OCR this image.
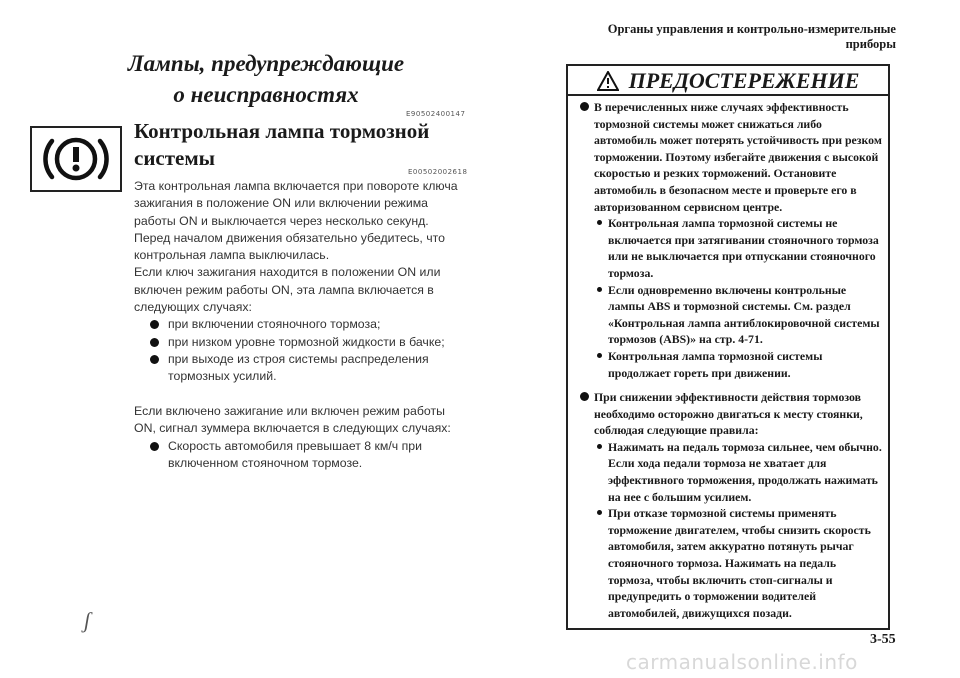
Лампы, предупреждающие
о неисправностях
E90502400147
Контрольная лампа тормозной
системы
E00502002618

Эта контрольная лампа включается при повороте ключа зажигания в положение ON или включении режима работы ON и выключается через несколько секунд.

Перед началом движения обязательно убедитесь, что контрольная лампа выключилась.

Если ключ зажигания находится в положении ON или включен режим работы ON, эта лампа включается в следующих случаях:

при включении стояночного тормоза;
при низком уровне тормозной жидкости в бачке;
при выходе из строя системы распределения тормозных усилий.

Если включено зажигание или включен режим работы ON, сигнал зуммера включается в следующих случаях:

Скорость автомобиля превышает 8 км/ч при включенном стояночном тормозе.
ʃ
Органы управления и контрольно-измерительные приборы
ПРЕДОСТЕРЕЖЕНИЕ
В перечисленных ниже случаях эффективность тормозной системы может снижаться либо автомобиль может потерять устойчивость при резком торможении. Поэтому избегайте движения с высокой скоростью и резких торможений. Остановите автомобиль в безопасном месте и проверьте его в авторизованном сервисном центре.
Контрольная лампа тормозной системы не включается при затягивании стояночного тормоза или не выключается при отпускании стояночного тормоза.
Если одновременно включены контрольные лампы ABS и тормозной системы. См. раздел «Контрольная лампа антиблокировочной системы тормозов (ABS)» на стр. 4-71.
Контрольная лампа тормозной системы продолжает гореть при движении.
При снижении эффективности действия тормозов необходимо осторожно двигаться к месту стоянки, соблюдая следующие правила:
Нажимать на педаль тормоза сильнее, чем обычно. Если хода педали тормоза не хватает для эффективного торможения, продолжать нажимать на нее с большим усилием.
При отказе тормозной системы применять торможение двигателем, чтобы снизить скорость автомобиля, затем аккуратно потянуть рычаг стояночного тормоза. Нажимать на педаль тормоза, чтобы включить стоп-сигналы и предупредить о торможении водителей автомобилей, движущихся позади.
3-55
carmanualsonline.info
